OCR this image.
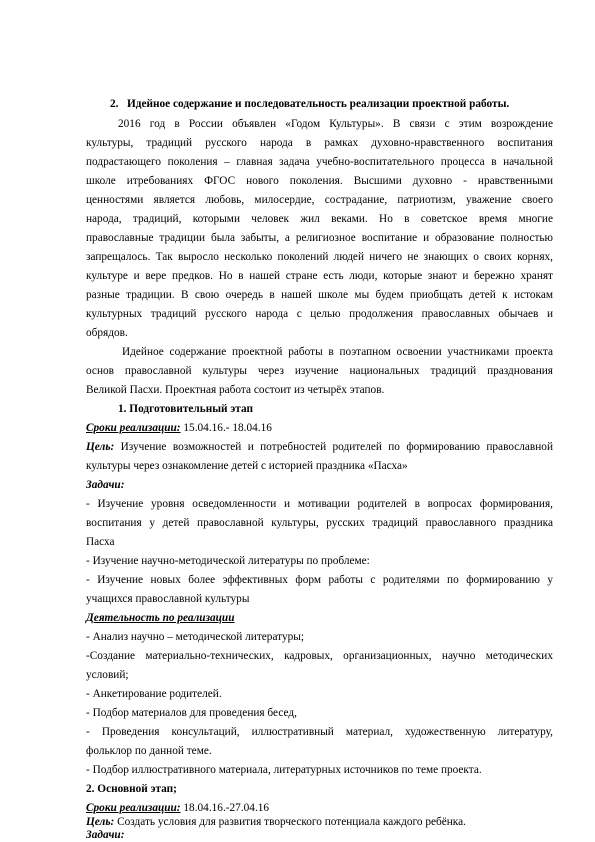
2. Идейное содержание и последовательность реализации проектной работы.
2016 год в России объявлен «Годом Культуры». В связи с этим возрождение
культуры, традиций русского народа в рамках духовно-нравственного воспитания
подрастающего поколения – главная задача учебно-воспитательного процесса в начальной
школе итребованиях ФГОС нового поколения. Высшими духовно - нравственными
ценностями является любовь, милосердие, сострадание, патриотизм, уважение своего
народа, традиций, которыми человек жил веками. Но в советское время многие
православные традиции была забыты, а религиозное воспитание и образование полностью
запрещалось. Так выросло несколько поколений людей ничего не знающих о своих корнях,
культуре и вере предков. Но в нашей стране есть люди, которые знают и бережно хранят
разные традиции. В свою очередь в нашей школе мы будем приобщать детей к истокам
культурных традиций русского народа с целью продолжения православных обычаев и
обрядов.
Идейное содержание проектной работы в поэтапном освоении участниками проекта
основ православной культуры через изучение национальных традиций празднования
Великой Пасхи. Проектная работа состоит из четырёх этапов.
1. Подготовительный этап
Сроки реализации: 15.04.16.- 18.04.16
Цель: Изучение возможностей и потребностей родителей по формированию православной
культуры через ознакомление детей с историей праздника «Пасха»
Задачи:
- Изучение уровня осведомленности и мотивации родителей в вопросах формирования,
воспитания у детей православной культуры, русских традиций православного праздника
Пасха
- Изучение научно-методической литературы по проблеме:
- Изучение новых более эффективных форм работы с родителями по формированию у
учащихся православной культуры
Деятельность по реализации
- Анализ научно – методической литературы;
-Создание материально-технических, кадровых, организационных, научно методических
условий;
- Анкетирование родителей.
- Подбор материалов для проведения бесед,
- Проведения консультаций, иллюстративный материал, художественную литературу,
фольклор по данной теме.
- Подбор иллюстративного материала, литературных источников по теме проекта.
2. Основной этап;
Сроки реализации: 18.04.16.-27.04.16
Цель: Создать условия для развития творческого потенциала каждого ребёнка.
Задачи:
